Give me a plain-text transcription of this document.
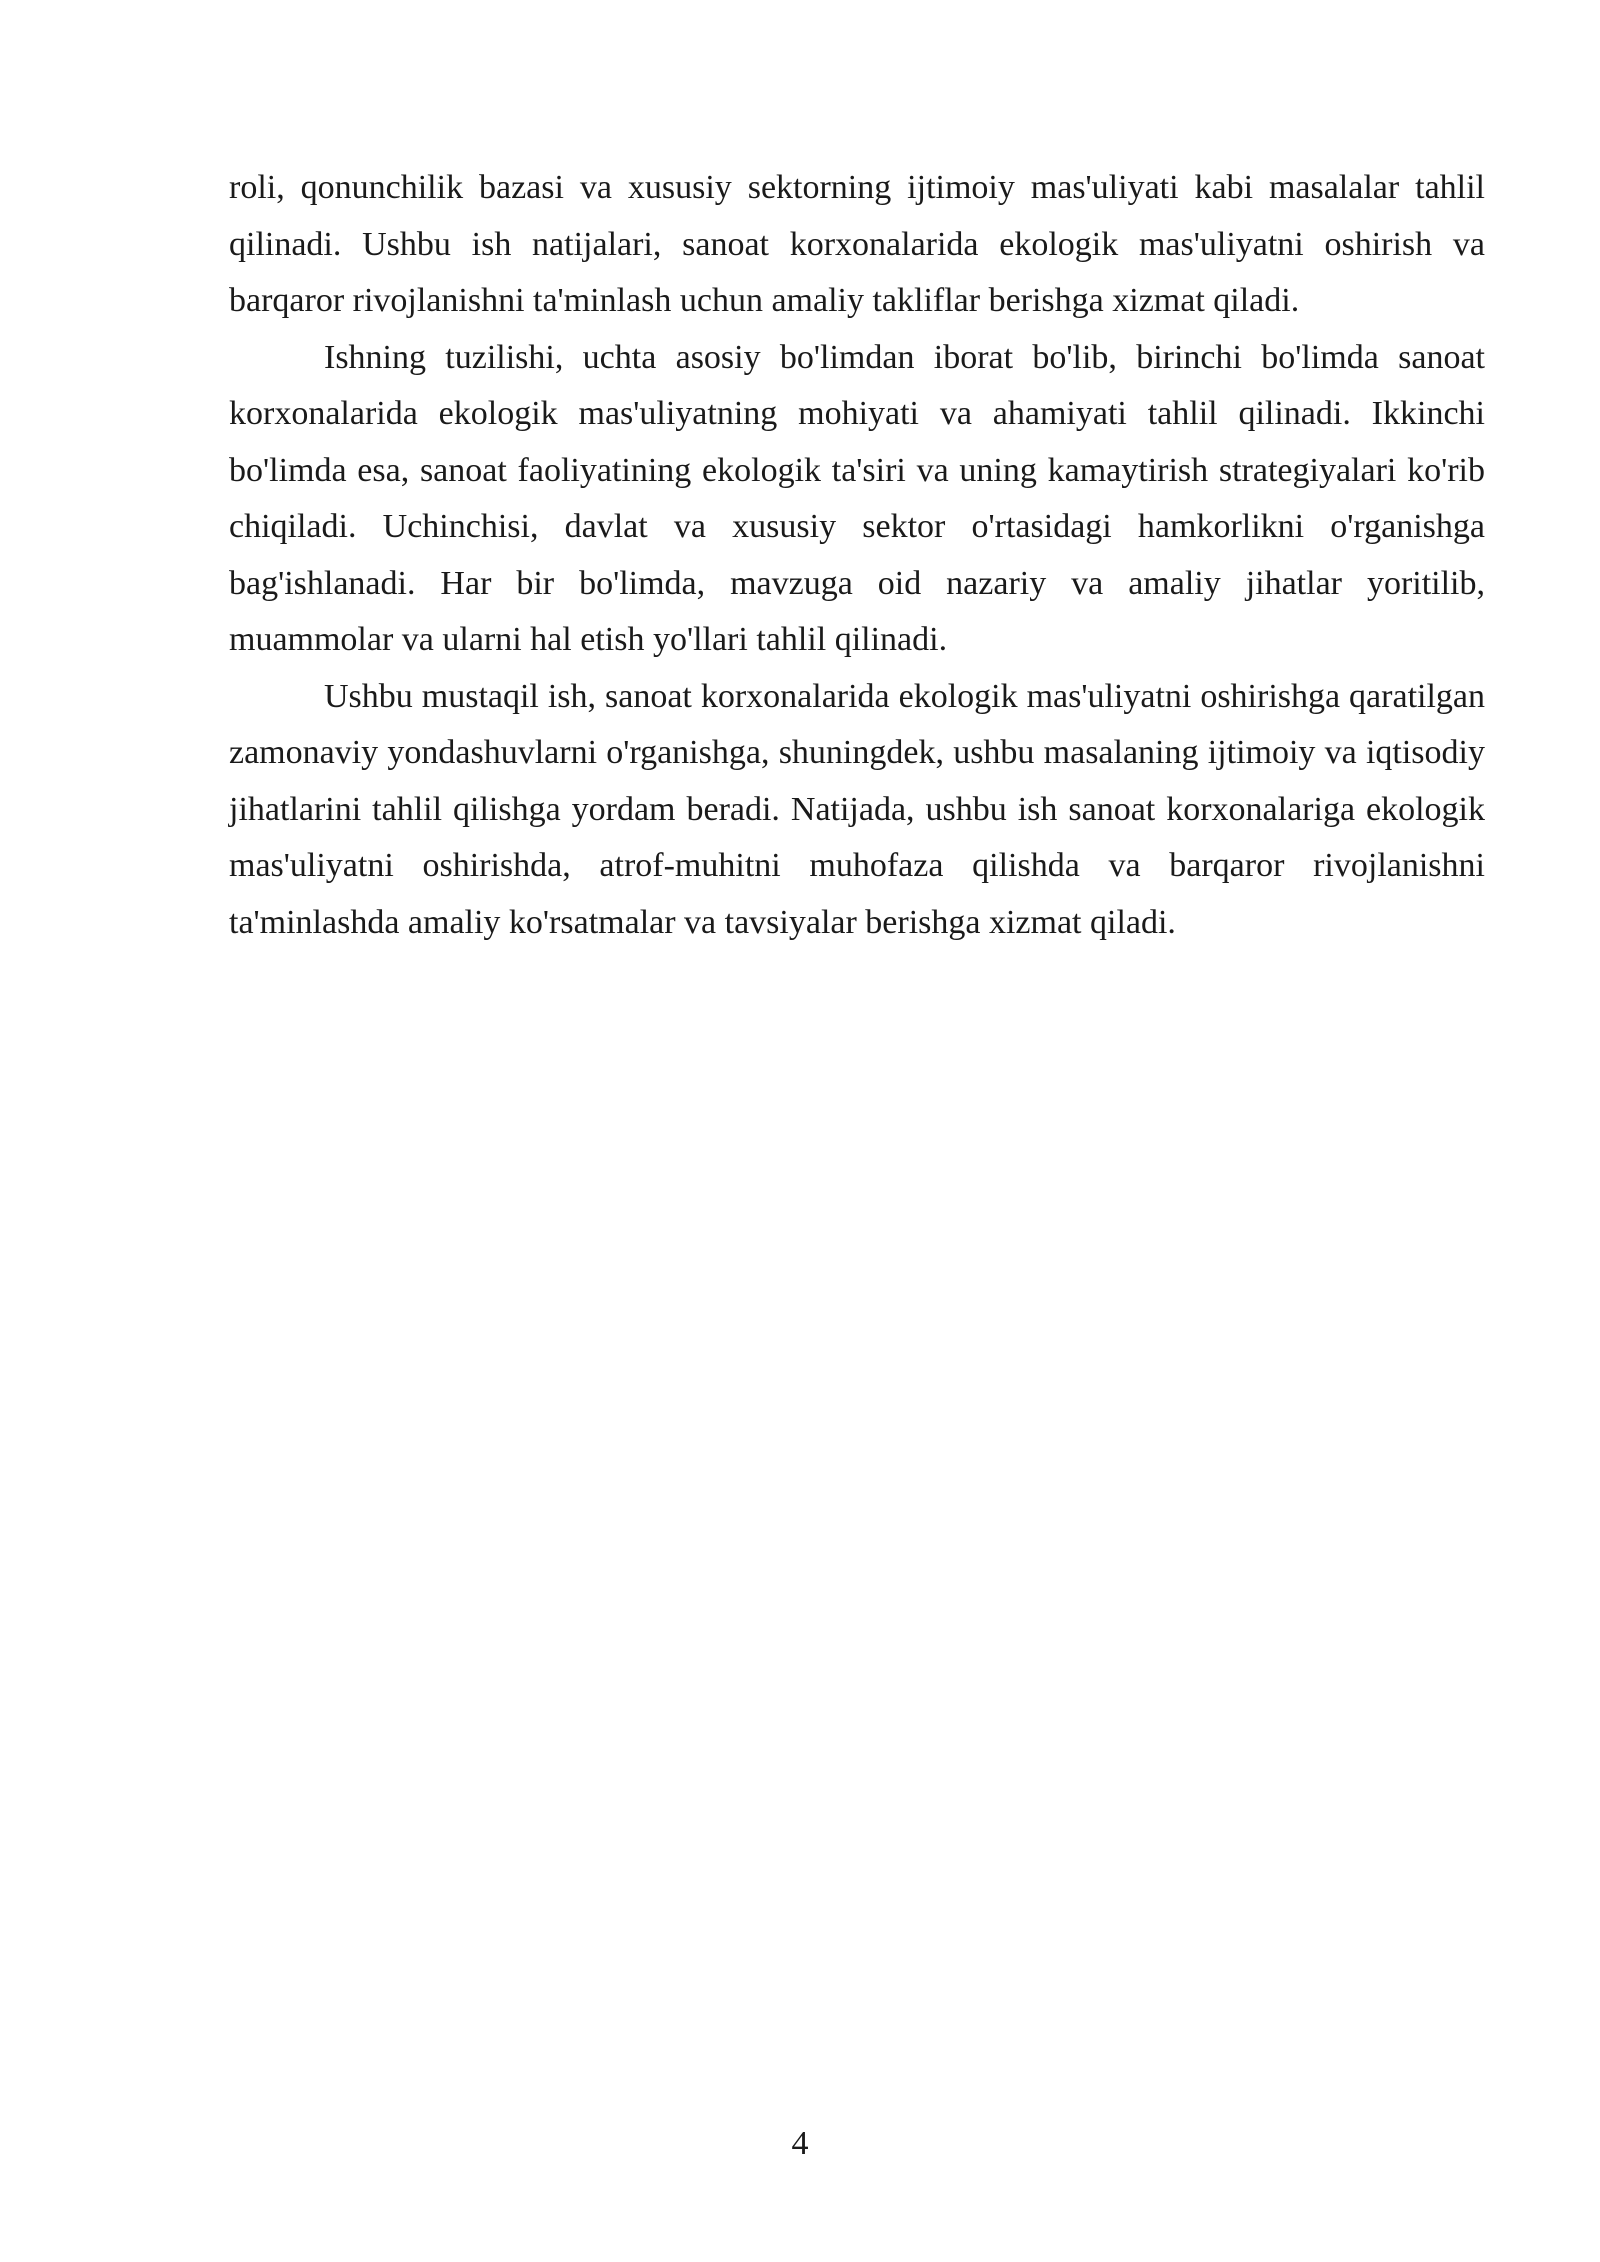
roli, qonunchilik bazasi va xususiy sektorning ijtimoiy mas'uliyati kabi masalalar tahlil qilinadi. Ushbu ish natijalari, sanoat korxonalarida ekologik mas'uliyatni oshirish va barqaror rivojlanishni ta'minlash uchun amaliy takliflar berishga xizmat qiladi.

Ishning tuzilishi, uchta asosiy bo'limdan iborat bo'lib, birinchi bo'limda sanoat korxonalarida ekologik mas'uliyatning mohiyati va ahamiyati tahlil qilinadi. Ikkinchi bo'limda esa, sanoat faoliyatining ekologik ta'siri va uning kamaytirish strategiyalari ko'rib chiqiladi. Uchinchisi, davlat va xususiy sektor o'rtasidagi hamkorlikni o'rganishga bag'ishlanadi. Har bir bo'limda, mavzuga oid nazariy va amaliy jihatlar yoritilib, muammolar va ularni hal etish yo'llari tahlil qilinadi.

Ushbu mustaqil ish, sanoat korxonalarida ekologik mas'uliyatni oshirishga qaratilgan zamonaviy yondashuvlarni o'rganishga, shuningdek, ushbu masalaning ijtimoiy va iqtisodiy jihatlarini tahlil qilishga yordam beradi. Natijada, ushbu ish sanoat korxonalariga ekologik mas'uliyatni oshirishda, atrof-muhitni muhofaza qilishda va barqaror rivojlanishni ta'minlashda amaliy ko'rsatmalar va tavsiyalar berishga xizmat qiladi.

4
